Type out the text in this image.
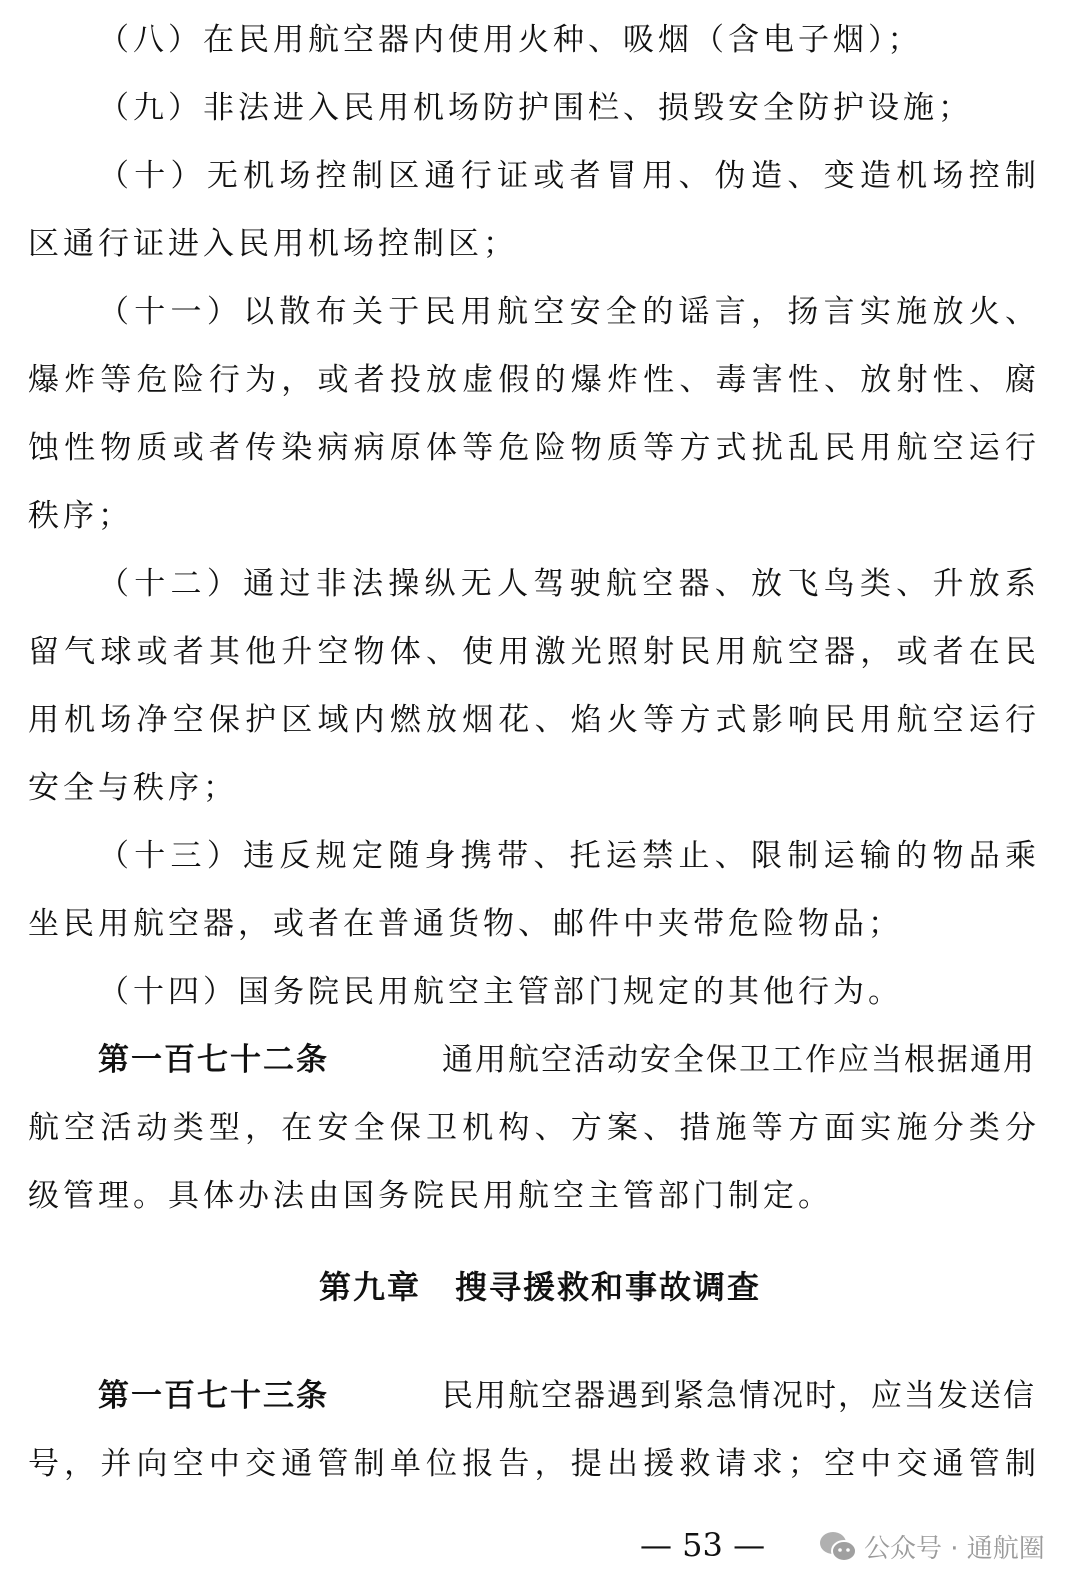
（八）在民用航空器内使用火种、吸烟（含电子烟）；
（九）非法进入民用机场防护围栏、损毁安全防护设施；
（十）无机场控制区通行证或者冒用、伪造、变造机场控制
区通行证进入民用机场控制区；
（十一）以散布关于民用航空安全的谣言，扬言实施放火、
爆炸等危险行为，或者投放虚假的爆炸性、毒害性、放射性、腐
蚀性物质或者传染病病原体等危险物质等方式扰乱民用航空运行
秩序；
（十二）通过非法操纵无人驾驶航空器、放飞鸟类、升放系
留气球或者其他升空物体、使用激光照射民用航空器，或者在民
用机场净空保护区域内燃放烟花、焰火等方式影响民用航空运行
安全与秩序；
（十三）违反规定随身携带、托运禁止、限制运输的物品乘
坐民用航空器，或者在普通货物、邮件中夹带危险物品；
（十四）国务院民用航空主管部门规定的其他行为。
第一百七十二条	通用航空活动安全保卫工作应当根据通用
航空活动类型，在安全保卫机构、方案、措施等方面实施分类分
级管理。具体办法由国务院民用航空主管部门制定。
第九章　搜寻援救和事故调查
第一百七十三条	民用航空器遇到紧急情况时，应当发送信
号，并向空中交通管制单位报告，提出援救请求；空中交通管制
— 53 —	公众号 · 通航圈
